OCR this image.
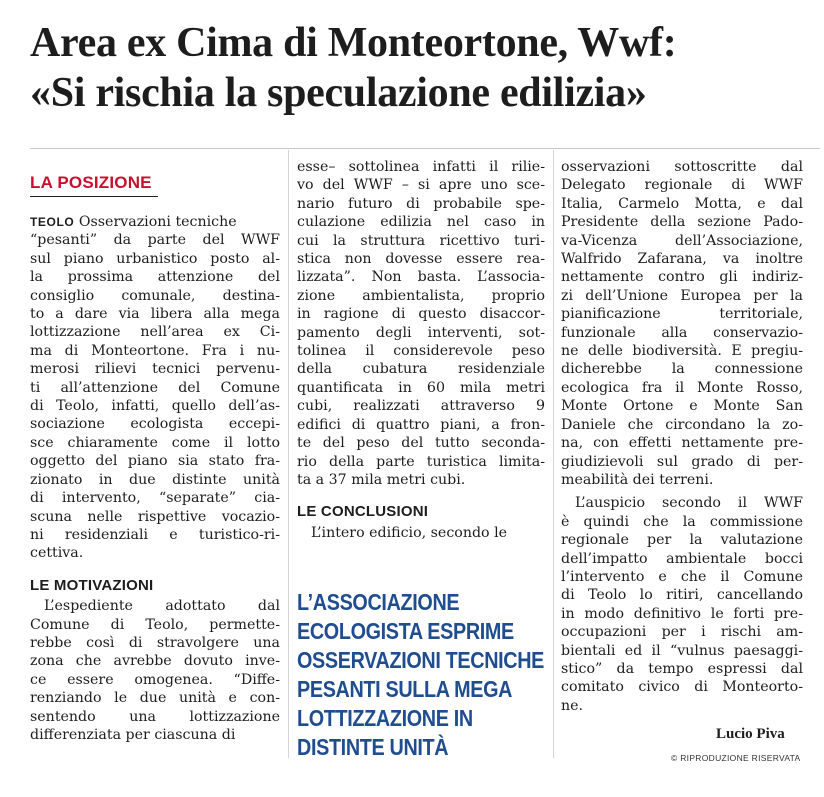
Area ex Cima di Monteortone, Wwf:
«Si rischia la speculazione edilizia»
LA POSIZIONE
TEOLO Osservazioni tecniche
“pesanti” da parte del WWF
sul piano urbanistico posto al-
la prossima attenzione del
consiglio comunale, destina-
to a dare via libera alla mega
lottizzazione nell’area ex Ci-
ma di Monteortone. Fra i nu-
merosi rilievi tecnici pervenu-
ti all’attenzione del Comune
di Teolo, infatti, quello dell’as-
sociazione ecologista eccepi-
sce chiaramente come il lotto
oggetto del piano sia stato fra-
zionato in due distinte unità
di intervento, “separate” cia-
scuna nelle rispettive vocazio-
ni residenziali e turistico-ri-
cettiva.
LE MOTIVAZIONI
L’espediente adottato dal
Comune di Teolo, permette-
rebbe così di stravolgere una
zona che avrebbe dovuto inve-
ce essere omogenea. “Diffe-
renziando le due unità e con-
sentendo una lottizzazione
differenziata per ciascuna di
esse– sottolinea infatti il rilie-
vo del WWF – si apre uno sce-
nario futuro di probabile spe-
culazione edilizia nel caso in
cui la struttura ricettivo turi-
stica non dovesse essere rea-
lizzata”. Non basta. L’associa-
zione ambientalista, proprio
in ragione di questo disaccor-
pamento degli interventi, sot-
tolinea il considerevole peso
della cubatura residenziale
quantificata in 60 mila metri
cubi, realizzati attraverso 9
edifici di quattro piani, a fron-
te del peso del tutto seconda-
rio della parte turistica limita-
ta a 37 mila metri cubi.
LE CONCLUSIONI
L’intero edificio, secondo le
L’ASSOCIAZIONE
ECOLOGISTA ESPRIME
OSSERVAZIONI TECNICHE
PESANTI SULLA MEGA
LOTTIZZAZIONE IN
DISTINTE UNITÀ
osservazioni sottoscritte dal
Delegato regionale di WWF
Italia, Carmelo Motta, e dal
Presidente della sezione Pado-
va-Vicenza dell’Associazione,
Walfrido Zafarana, va inoltre
nettamente contro gli indiriz-
zi dell’Unione Europea per la
pianificazione territoriale,
funzionale alla conservazio-
ne delle biodiversità. E pregiu-
dicherebbe la connessione
ecologica fra il Monte Rosso,
Monte Ortone e Monte San
Daniele che circondano la zo-
na, con effetti nettamente pre-
giudizievoli sul grado di per-
meabilità dei terreni.
L’auspicio secondo il WWF
è quindi che la commissione
regionale per la valutazione
dell’impatto ambientale bocci
l’intervento e che il Comune
di Teolo lo ritiri, cancellando
in modo definitivo le forti pre-
occupazioni per i rischi am-
bientali ed il “vulnus paesaggi-
stico” da tempo espressi dal
comitato civico di Monteorto-
ne.
Lucio Piva
© RIPRODUZIONE RISERVATA
